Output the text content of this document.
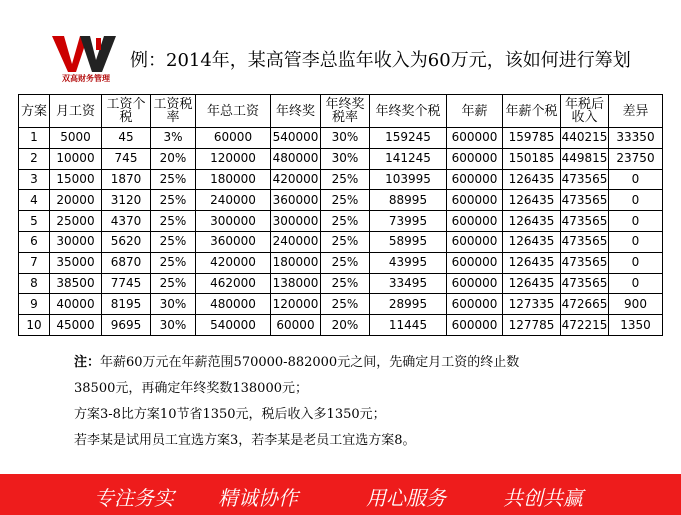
双高财务管理
例：2014年，某高管李总监年收入为60万元，该如何进行筹划
方案	月工资	工资个税	工资税率	年总工资	年终奖	年终奖税率	年终奖个税	年薪	年薪个税	年税后收入	差异
1	5000	45	3%	60000	540000	30%	159245	600000	159785	440215	33350
2	10000	745	20%	120000	480000	30%	141245	600000	150185	449815	23750
3	15000	1870	25%	180000	420000	25%	103995	600000	126435	473565	0
4	20000	3120	25%	240000	360000	25%	88995	600000	126435	473565	0
5	25000	4370	25%	300000	300000	25%	73995	600000	126435	473565	0
6	30000	5620	25%	360000	240000	25%	58995	600000	126435	473565	0
7	35000	6870	25%	420000	180000	25%	43995	600000	126435	473565	0
8	38500	7745	25%	462000	138000	25%	33495	600000	126435	473565	0
9	40000	8195	30%	480000	120000	25%	28995	600000	127335	472665	900
10	45000	9695	30%	540000	60000	20%	11445	600000	127785	472215	1350
注：年薪60万元在年薪范围570000-882000元之间，先确定月工资的终止数
38500元，再确定年终奖数138000元；
方案3-8比方案10节省1350元，税后收入多1350元；
若李某是试用员工宜选方案3，若李某是老员工宜选方案8。
专注务实 精诚协作	用心服务	共创共赢
